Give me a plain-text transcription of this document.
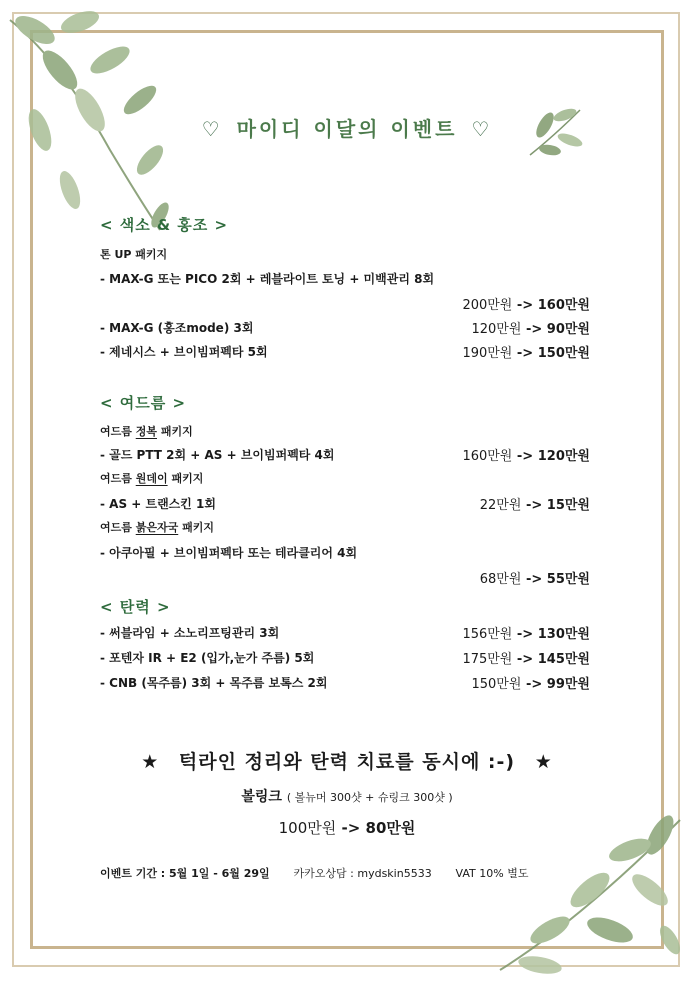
♡ 마이디 이달의 이벤트 ♡
< 색소 & 홍조 >
톤 UP 패키지
- MAX-G 또는 PICO 2회 + 레블라이트 토닝 + 미백관리 8회
200만원 -> 160만원
- MAX-G (홍조mode) 3회	120만원 -> 90만원
- 제네시스 + 브이빔퍼펙타 5회	190만원 -> 150만원
< 여드름 >
여드름 정복 패키지
- 골드 PTT 2회 + AS + 브이빔퍼펙타 4회	160만원 -> 120만원
여드름 원데이 패키지
- AS + 트랜스킨 1회	22만원 -> 15만원
여드름 붉은자국 패키지
- 아쿠아필 + 브이빔퍼펙타 또는 테라클리어 4회
68만원 -> 55만원
< 탄력 >
- 써블라임 + 소노리프팅관리 3회	156만원 -> 130만원
- 포텐자 IR + E2 (입가,눈가 주름) 5회	175만원 -> 145만원
- CNB (목주름) 3회 + 목주름 보톡스 2회	150만원 -> 99만원
★ 턱라인 정리와 탄력 치료를 동시에 :-) ★
볼링크 ( 볼뉴머 300샷 + 슈링크 300샷 )
100만원 -> 80만원
이벤트 기간 : 5월 1일 - 6월 29일 카카오상담 : mydskin5533 VAT 10% 별도
